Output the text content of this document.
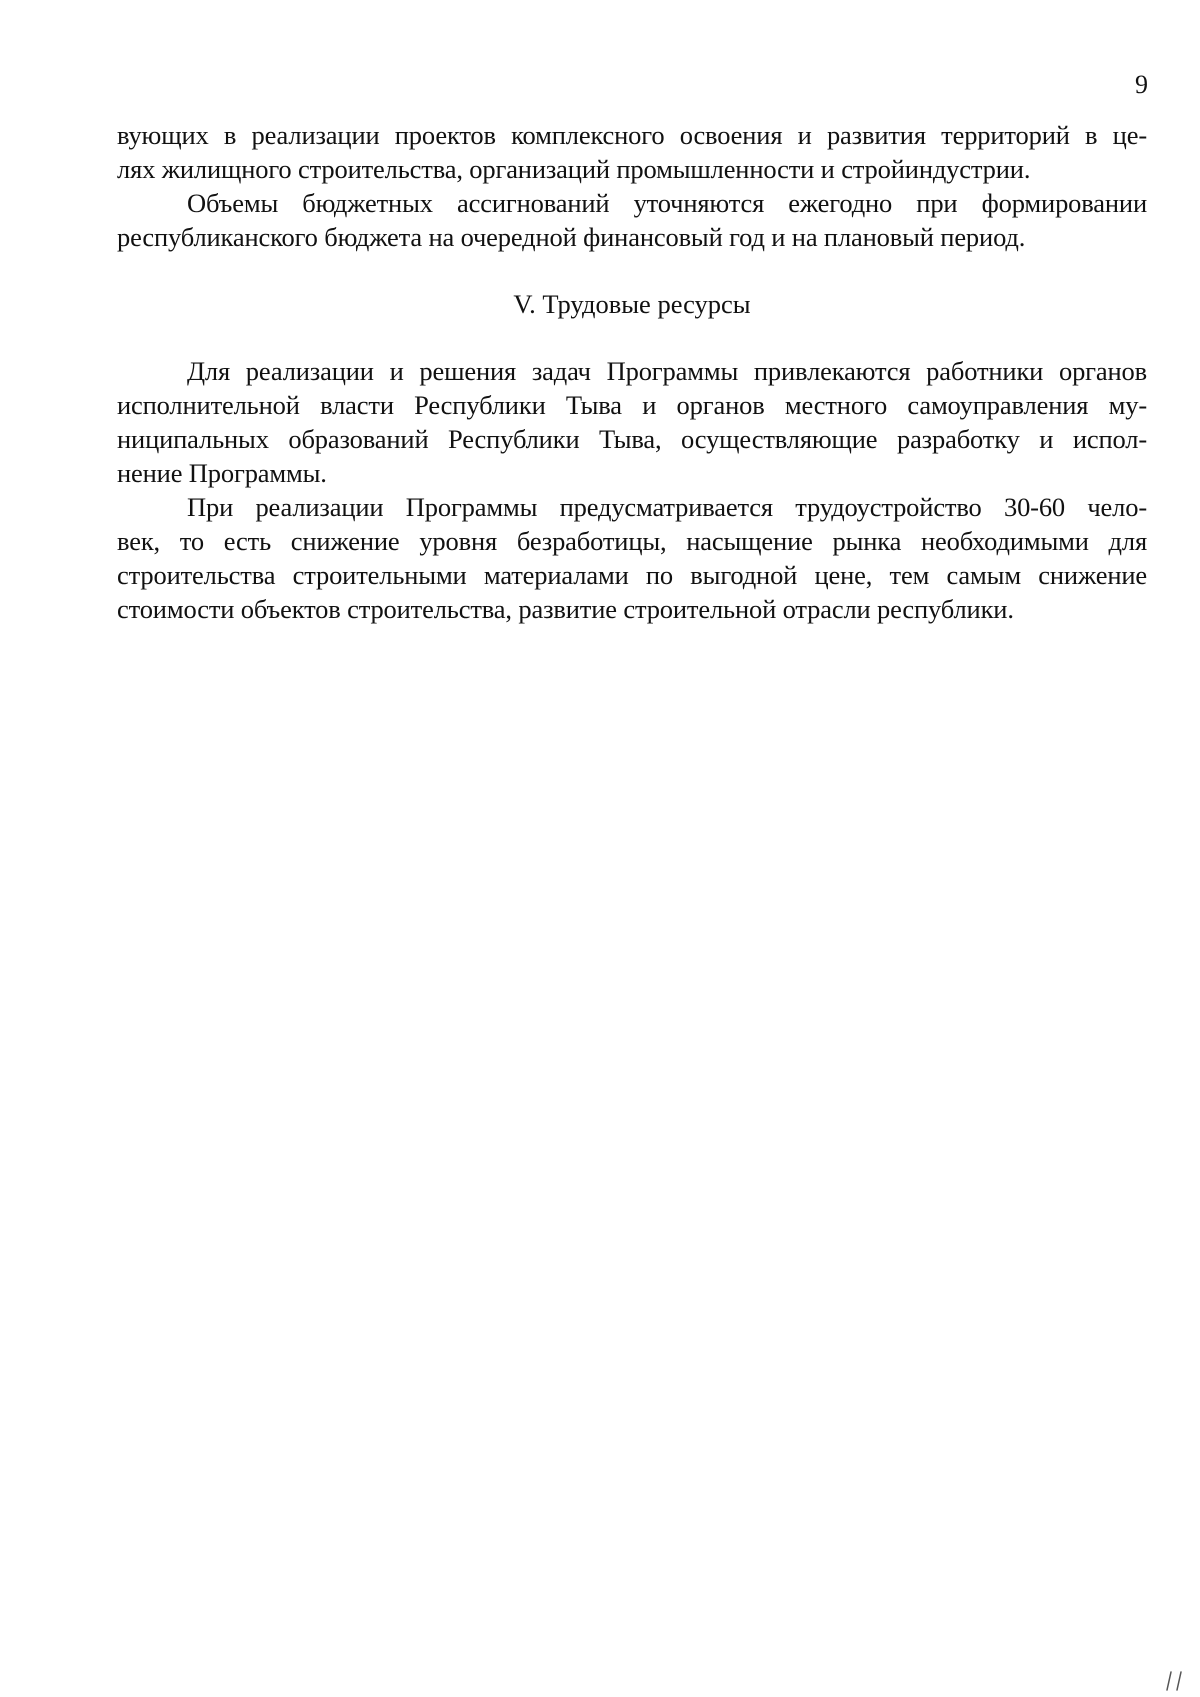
9

вующих в реализации проектов комплексного освоения и развития территорий в це-
лях жилищного строительства, организаций промышленности и стройиндустрии.

Объемы бюджетных ассигнований уточняются ежегодно при формировании
республиканского бюджета на очередной финансовый год и на плановый период.

V. Трудовые ресурсы

Для реализации и решения задач Программы привлекаются работники органов
исполнительной власти Республики Тыва и органов местного самоуправления му-
ниципальных образований Республики Тыва, осуществляющие разработку и испол-
нение Программы.

При реализации Программы предусматривается трудоустройство 30-60 чело-
век, то есть снижение уровня безработицы, насыщение рынка необходимыми для
строительства строительными материалами по выгодной цене, тем самым снижение
стоимости объектов строительства, развитие строительной отрасли республики.
